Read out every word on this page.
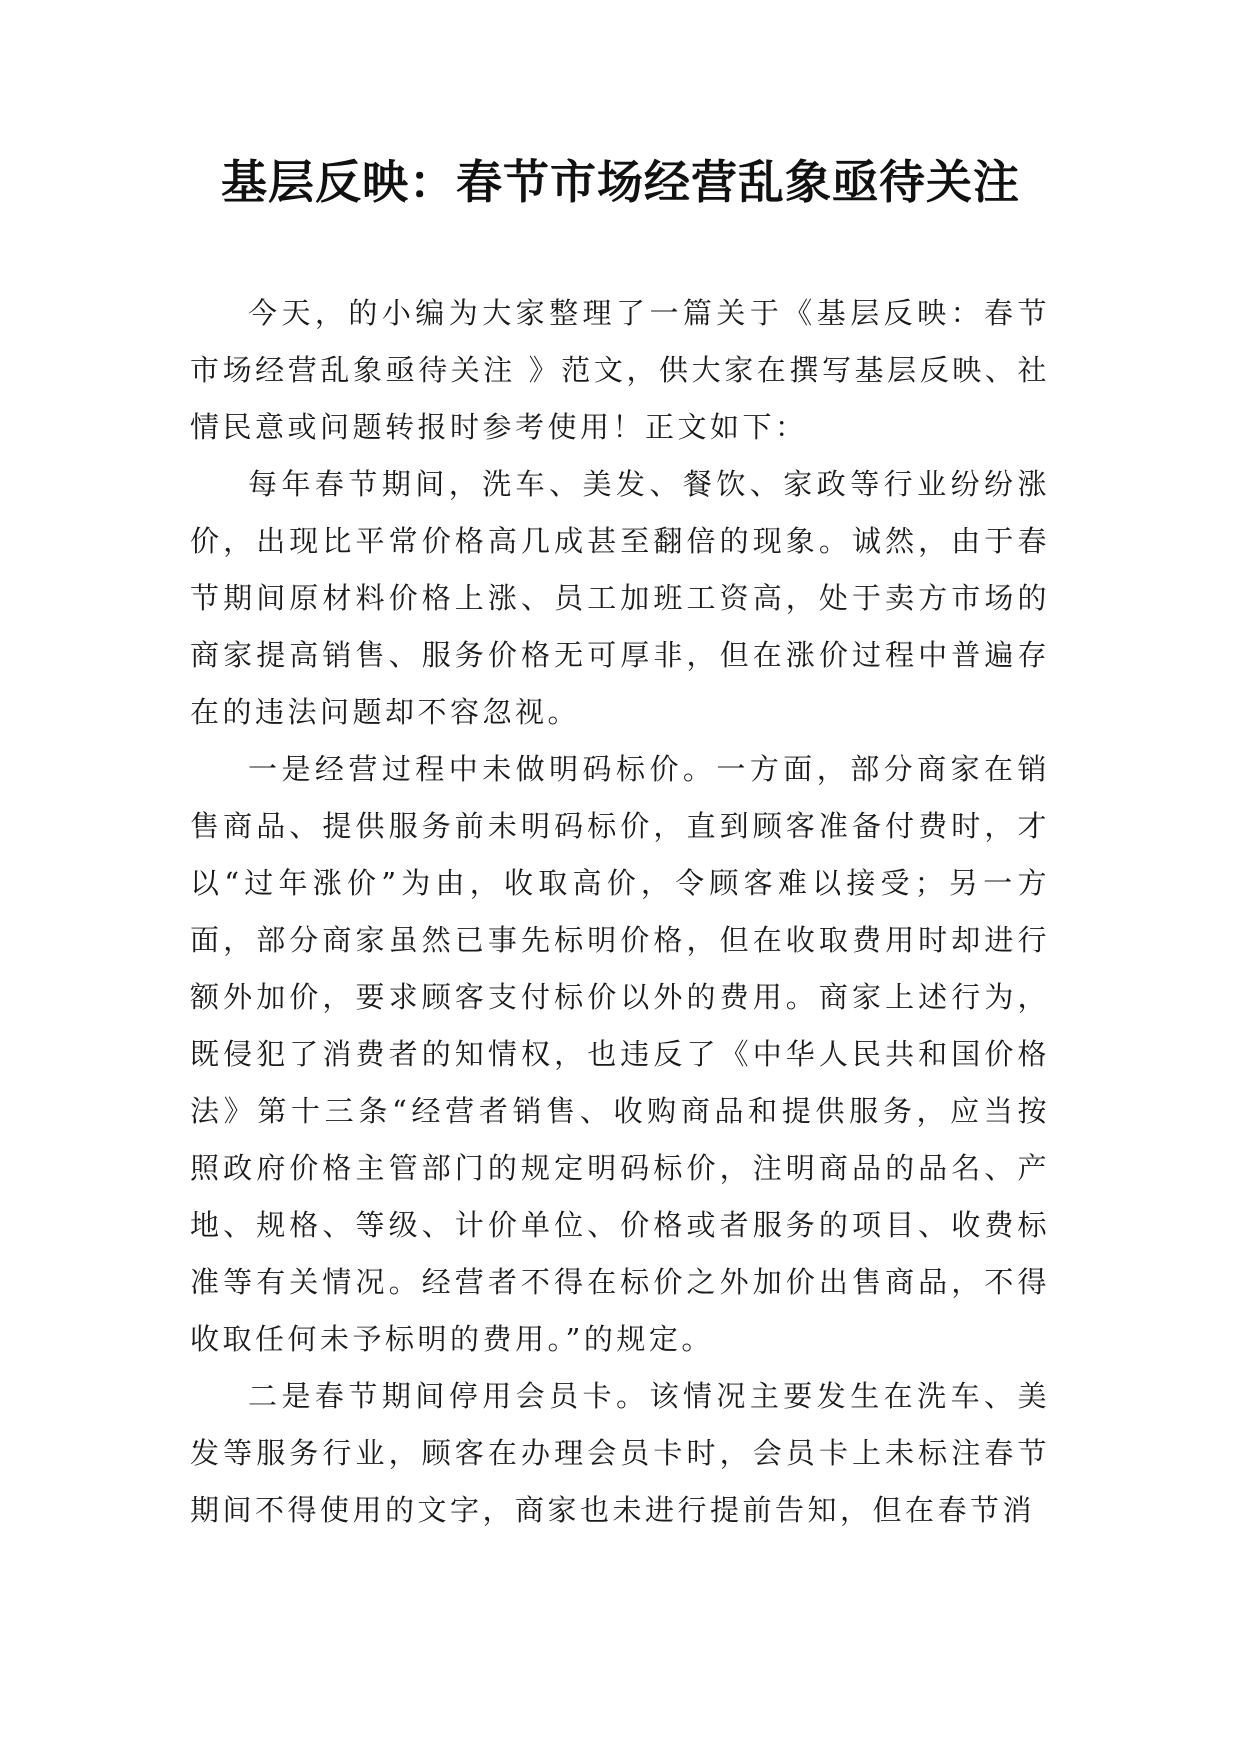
基层反映：春节市场经营乱象亟待关注

今天，的小编为大家整理了一篇关于《基层反映：春节市场经营乱象亟待关注 》范文，供大家在撰写基层反映、社情民意或问题转报时参考使用！正文如下：

每年春节期间，洗车、美发、餐饮、家政等行业纷纷涨价，出现比平常价格高几成甚至翻倍的现象。诚然，由于春节期间原材料价格上涨、员工加班工资高，处于卖方市场的商家提高销售、服务价格无可厚非，但在涨价过程中普遍存在的违法问题却不容忽视。

一是经营过程中未做明码标价。一方面，部分商家在销售商品、提供服务前未明码标价，直到顾客准备付费时，才以“过年涨价”为由，收取高价，令顾客难以接受；另一方面，部分商家虽然已事先标明价格，但在收取费用时却进行额外加价，要求顾客支付标价以外的费用。商家上述行为，既侵犯了消费者的知情权，也违反了《中华人民共和国价格法》第十三条“经营者销售、收购商品和提供服务，应当按照政府价格主管部门的规定明码标价，注明商品的品名、产地、规格、等级、计价单位、价格或者服务的项目、收费标准等有关情况。经营者不得在标价之外加价出售商品，不得收取任何未予标明的费用。”的规定。

二是春节期间停用会员卡。该情况主要发生在洗车、美发等服务行业，顾客在办理会员卡时，会员卡上未标注春节期间不得使用的文字，商家也未进行提前告知，但在春节消
